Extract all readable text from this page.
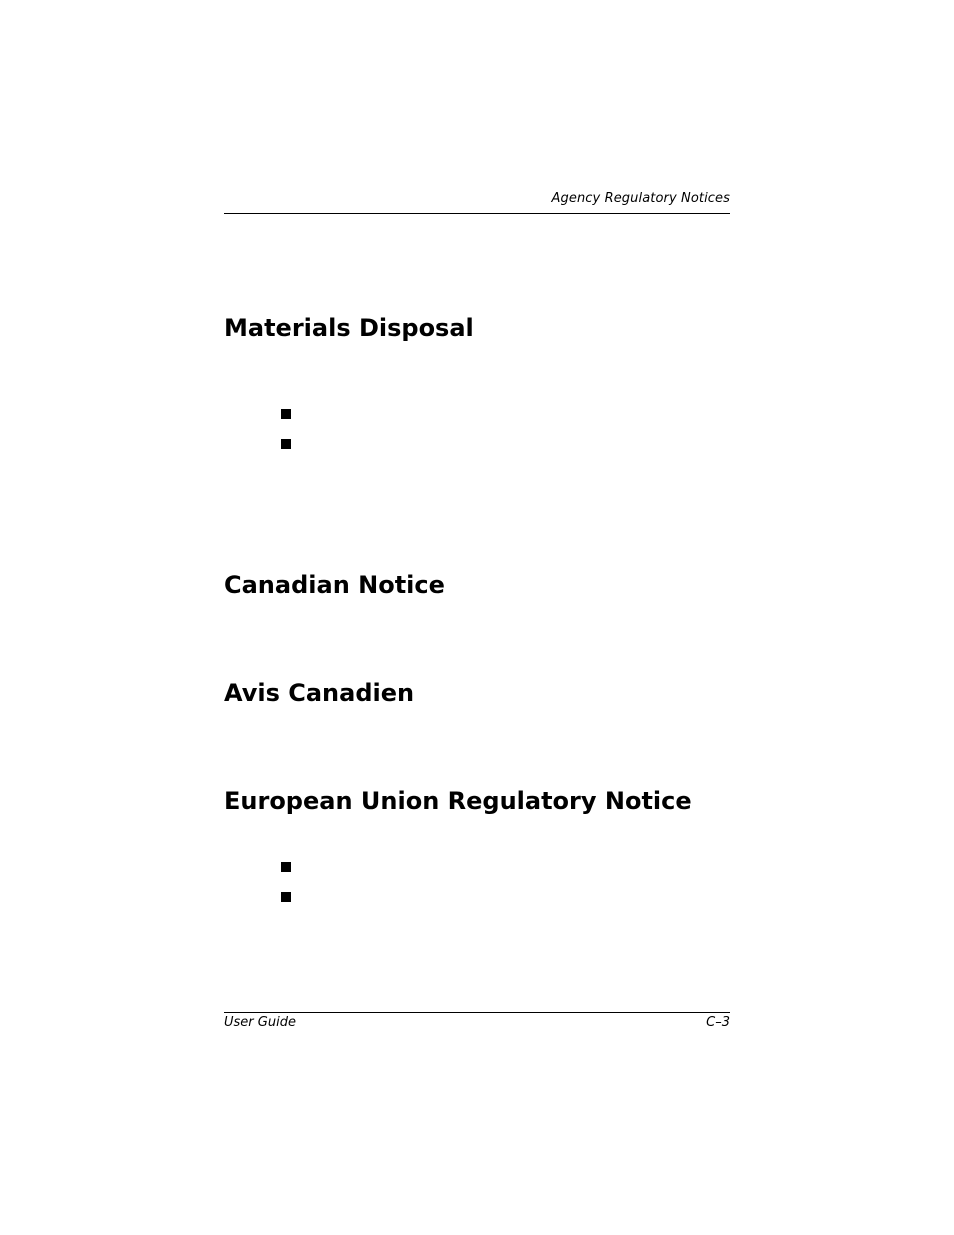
Agency Regulatory Notices
Materials Disposal
Canadian Notice
Avis Canadien
European Union Regulatory Notice
User Guide	C–3
